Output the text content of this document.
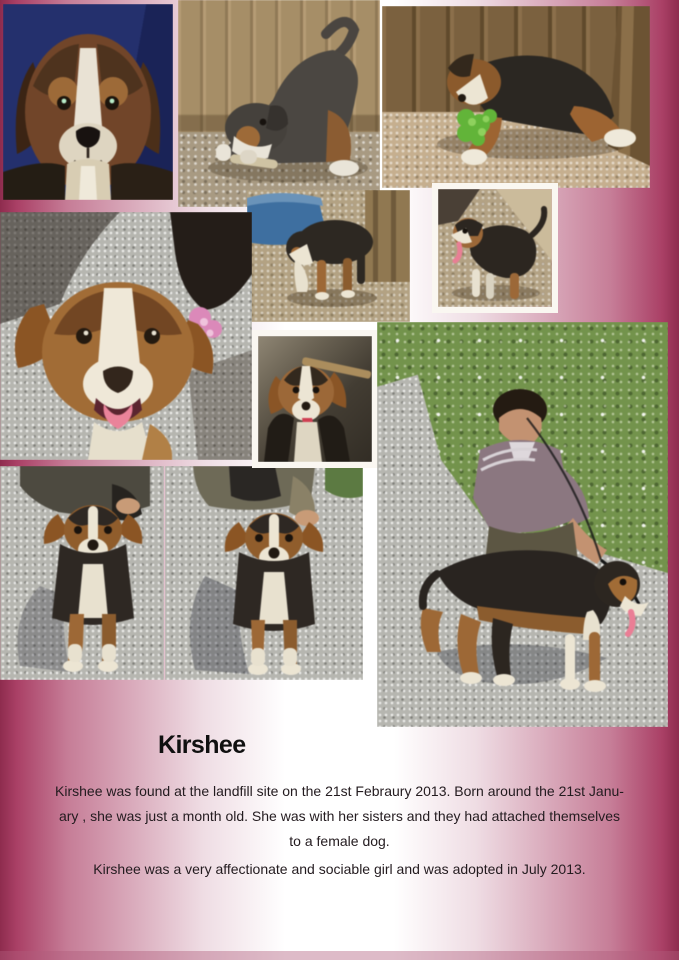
Kirshee

Kirshee was found at the landfill site on the 21st Febraury 2013. Born around the 21st Janu-
ary , she was just a month old. She was with her sisters and they had attached themselves
to a female dog.

Kirshee was a very affectionate and sociable girl and was adopted in July 2013.
